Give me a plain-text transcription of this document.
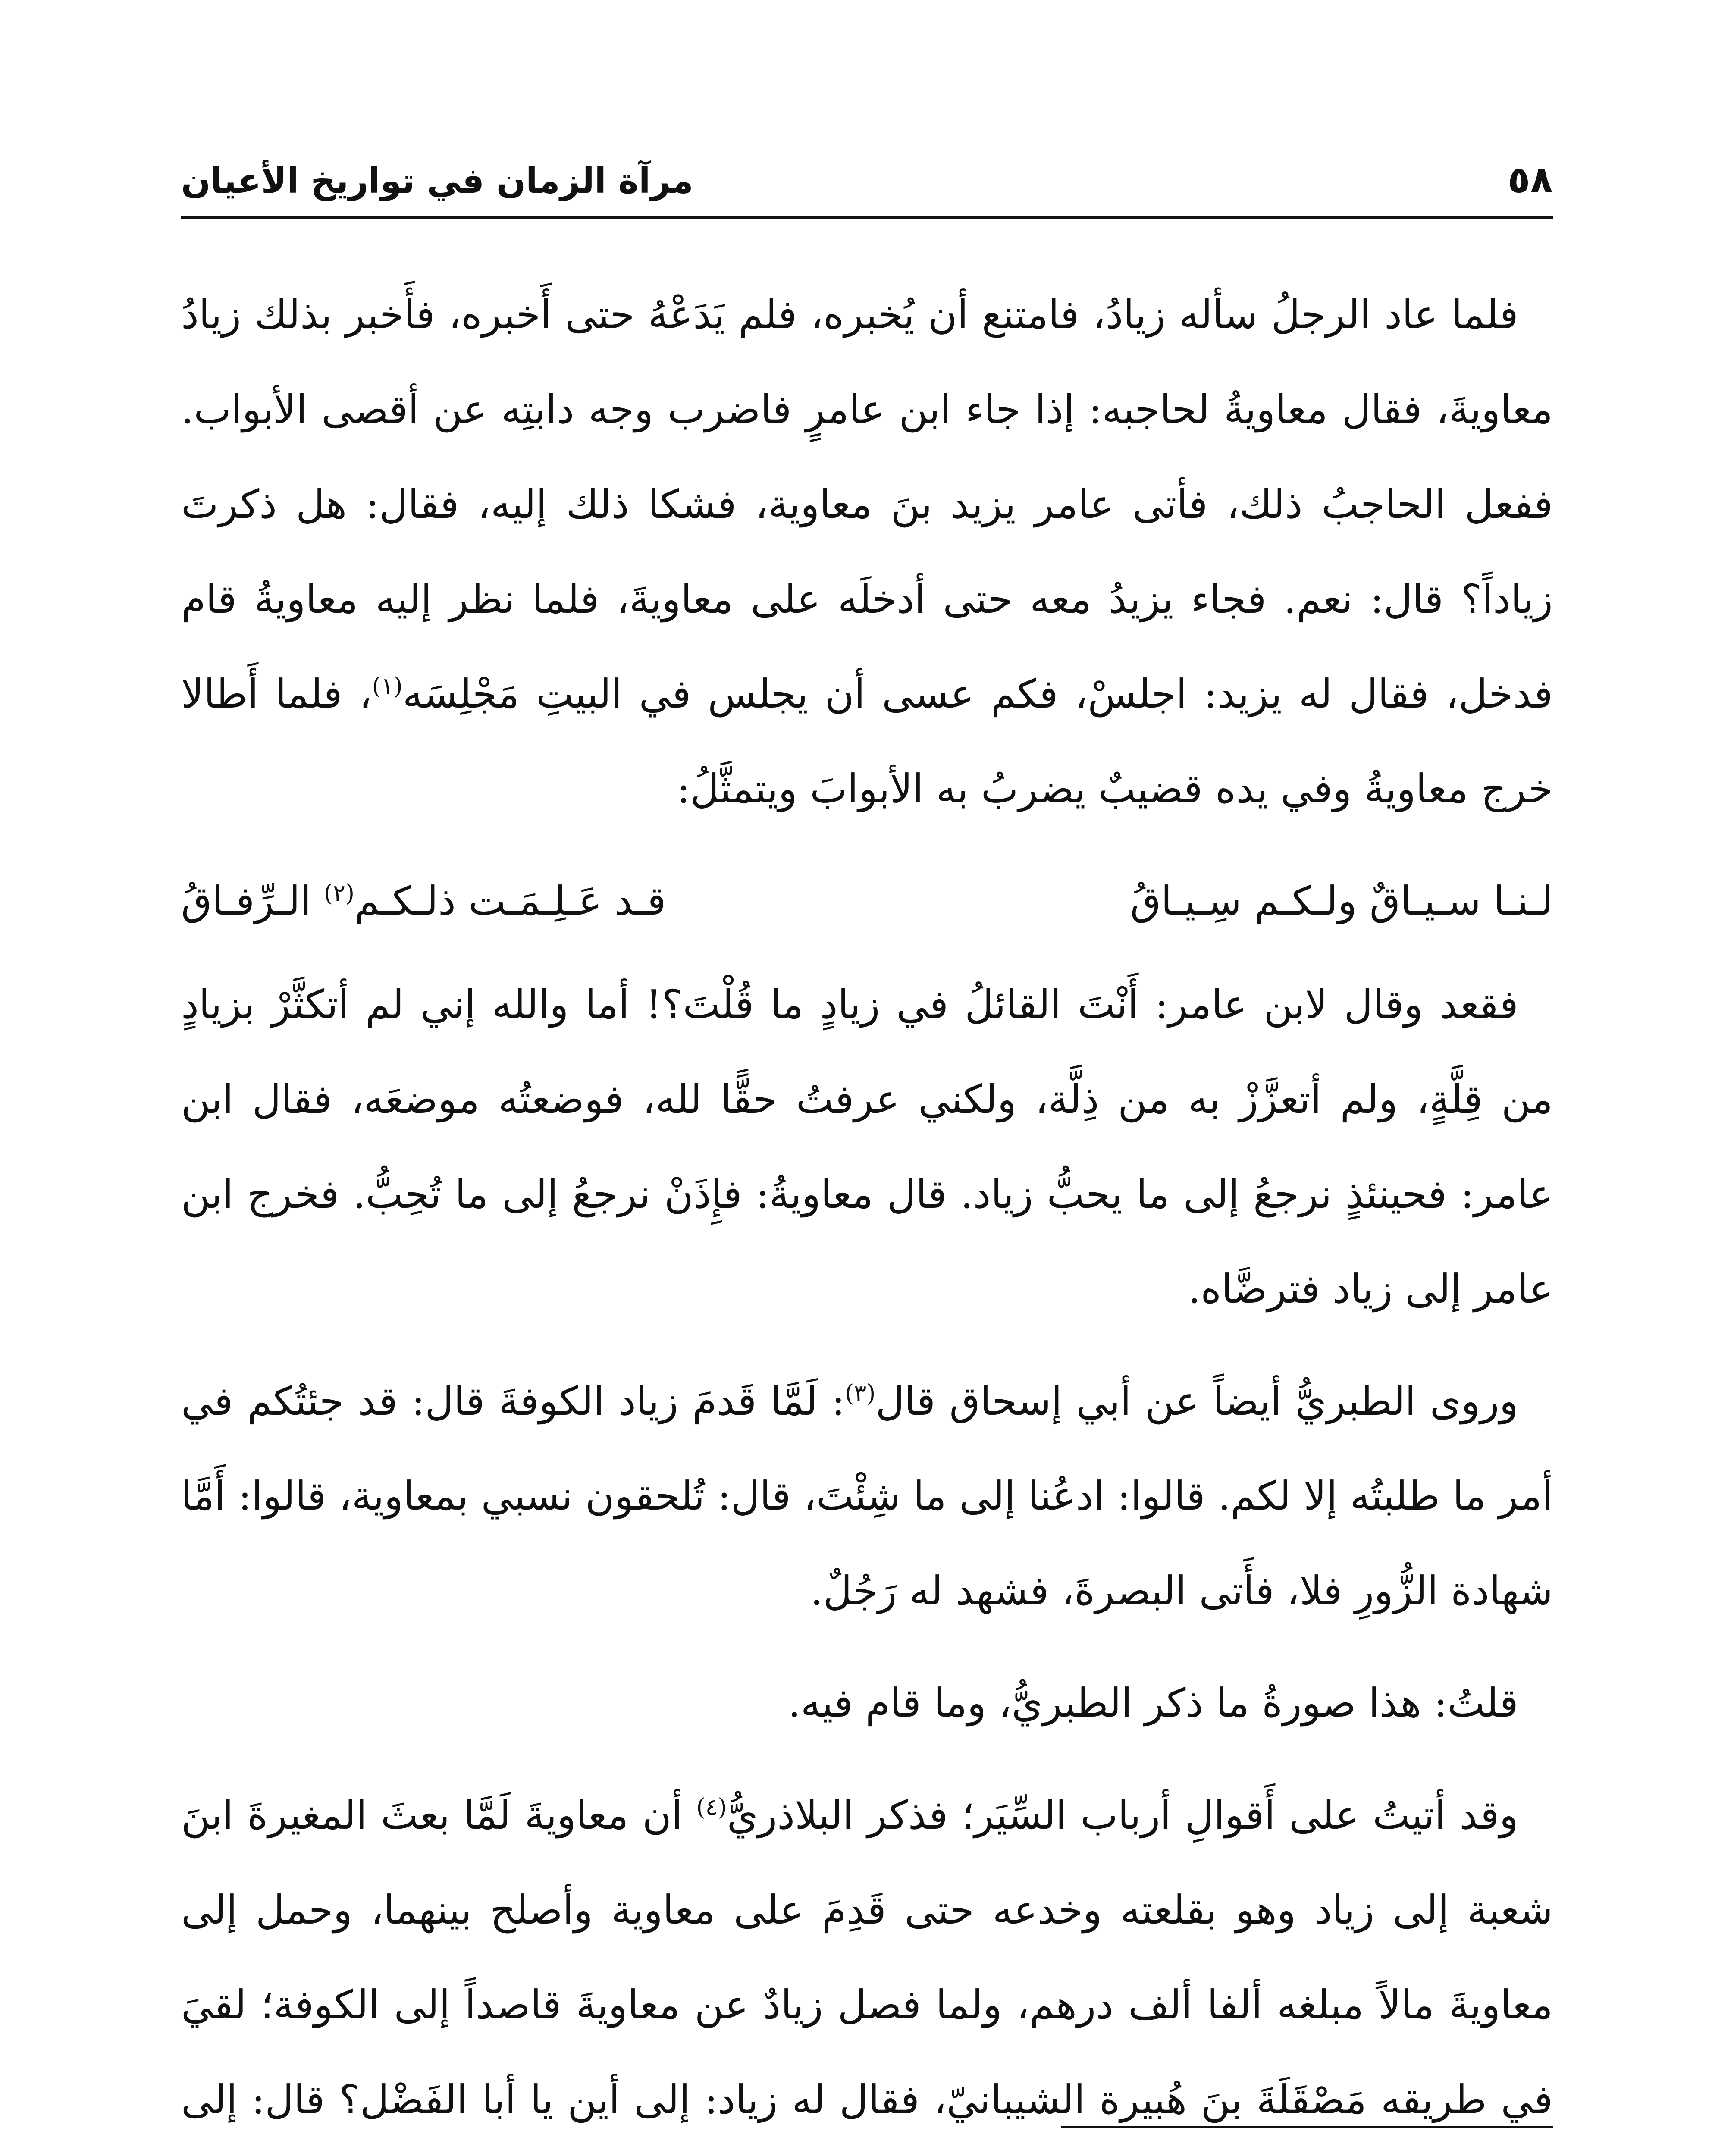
٥٨
مرآة الزمان في تواريخ الأعيان

فلما عاد الرجلُ سأله زيادُ، فامتنع أن يُخبره، فلم يَدَعْهُ حتى أَخبره، فأَخبر بذلك زيادُ معاويةَ، فقال معاويةُ لحاجبه: إذا جاء ابن عامرٍ فاضرب وجه دابتِه عن أقصى الأبواب. ففعل الحاجبُ ذلك، فأتى عامر يزيد بنَ معاوية، فشكا ذلك إليه، فقال: هل ذكرتَ زياداً؟ قال: نعم. فجاء يزيدُ معه حتى أدخلَه على معاويةَ، فلما نظر إليه معاويةُ قام فدخل، فقال له يزيد: اجلسْ، فكم عسى أن يجلس في البيتِ مَجْلِسَه$^{(١)}$، فلما أَطالا خرج معاويةُ وفي يده قضيبٌ يضربُ به الأبوابَ ويتمثَّلُ:

لـنـا سـيـاقٌ ولـكـم سِـيـاقُ
قـد عَـلِـمَـت ذلـكـم$^{(٢)}$ الـرِّفـاقُ

فقعد وقال لابن عامر: أَنْتَ القائلُ في زيادٍ ما قُلْتَ؟! أما والله إني لم أتكثَّرْ بزيادٍ من قِلَّةٍ، ولم أتعزَّزْ به من ذِلَّة، ولكني عرفتُ حقًّا لله، فوضعتُه موضعَه، فقال ابن عامر: فحينئذٍ نرجعُ إلى ما يحبُّ زياد. قال معاويةُ: فإِذَنْ نرجعُ إلى ما تُحِبُّ. فخرج ابن عامر إلى زياد فترضَّاه.

وروى الطبريُّ أيضاً عن أبي إسحاق قال$^{(٣)}$: لَمَّا قَدمَ زياد الكوفةَ قال: قد جئتُكم في أمر ما طلبتُه إلا لكم. قالوا: ادعُنا إلى ما شِئْتَ، قال: تُلحقون نسبي بمعاوية، قالوا: أَمَّا شهادة الزُّورِ فلا، فأَتى البصرةَ، فشهد له رَجُلٌ.

قلتُ: هذا صورةُ ما ذكر الطبريُّ، وما قام فيه.

وقد أتيتُ على أَقوالِ أرباب السِّيَر؛ فذكر البلاذريُّ$^{(٤)}$ أن معاويةَ لَمَّا بعثَ المغيرةَ ابنَ شعبة إلى زياد وهو بقلعته وخدعه حتى قَدِمَ على معاوية وأصلح بينهما، وحمل إلى معاويةَ مالاً مبلغه ألفا ألف درهم، ولما فصل زيادٌ عن معاويةَ قاصداً إلى الكوفة؛ لقيَ في طريقه مَصْقَلَةَ بنَ هُبيرة الشيبانيّ، فقال له زياد: إلى أين يا أبا الفَضْل؟ قال: إلى
